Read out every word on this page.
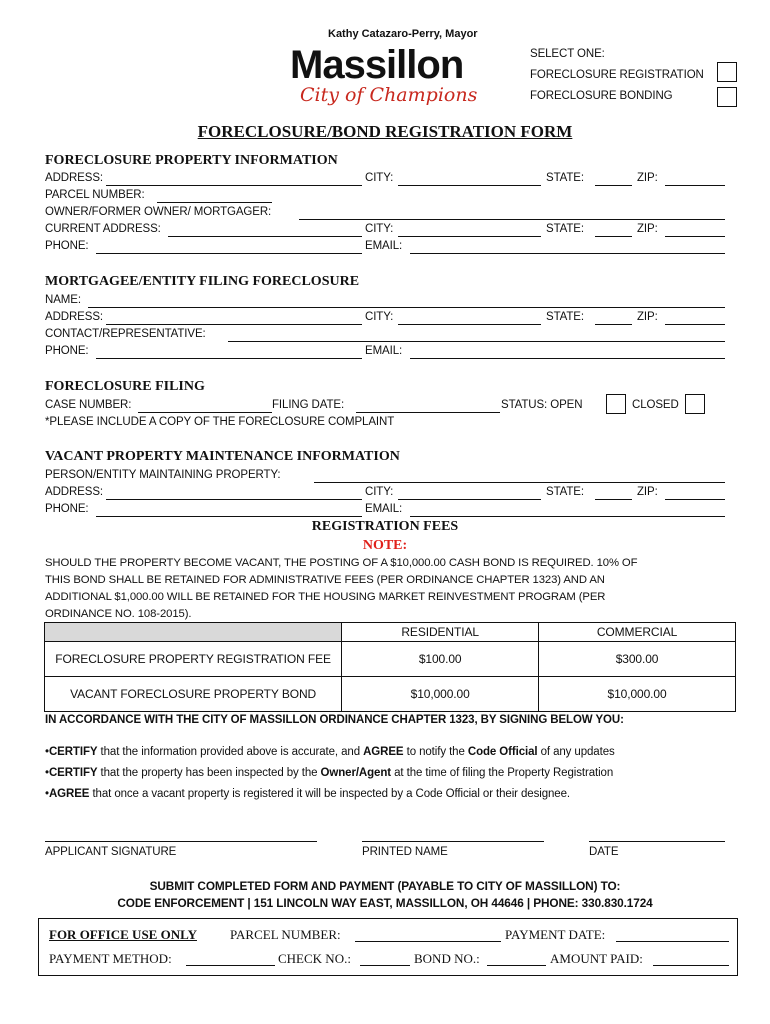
Kathy Catazaro-Perry, Mayor
Massillon
City of Champions
SELECT ONE:
FORECLOSURE REGISTRATION
FORECLOSURE BONDING
FORECLOSURE/BOND REGISTRATION FORM
FORECLOSURE PROPERTY INFORMATION
ADDRESS:	CITY:	STATE:	ZIP:
PARCEL NUMBER:
OWNER/FORMER OWNER/ MORTGAGER:
CURRENT ADDRESS:	CITY:	STATE:	ZIP:
PHONE:	EMAIL:
MORTGAGEE/ENTITY FILING FORECLOSURE
NAME:
ADDRESS:	CITY:	STATE:	ZIP:
CONTACT/REPRESENTATIVE:
PHONE:	EMAIL:
FORECLOSURE FILING
CASE NUMBER:	FILING DATE:	STATUS: OPEN	CLOSED
*PLEASE INCLUDE A COPY OF THE FORECLOSURE COMPLAINT
VACANT PROPERTY MAINTENANCE INFORMATION
PERSON/ENTITY MAINTAINING PROPERTY:
ADDRESS:	CITY:	STATE:	ZIP:
PHONE:	EMAIL:
REGISTRATION FEES
NOTE:
SHOULD THE PROPERTY BECOME VACANT, THE POSTING OF A $10,000.00 CASH BOND IS REQUIRED. 10% OF
THIS BOND SHALL BE RETAINED FOR ADMINISTRATIVE FEES (PER ORDINANCE CHAPTER 1323) AND AN
ADDITIONAL $1,000.00 WILL BE RETAINED FOR THE HOUSING MARKET REINVESTMENT PROGRAM (PER
ORDINANCE NO. 108-2015).
	RESIDENTIAL	COMMERCIAL
FORECLOSURE PROPERTY REGISTRATION FEE	$100.00	$300.00
VACANT FORECLOSURE PROPERTY BOND	$10,000.00	$10,000.00
IN ACCORDANCE WITH THE CITY OF MASSILLON ORDINANCE CHAPTER 1323, BY SIGNING BELOW YOU:
•CERTIFY that the information provided above is accurate, and AGREE to notify the Code Official of any updates
•CERTIFY that the property has been inspected by the Owner/Agent at the time of filing the Property Registration
•AGREE that once a vacant property is registered it will be inspected by a Code Official or their designee.
APPLICANT SIGNATURE	PRINTED NAME	DATE
SUBMIT COMPLETED FORM AND PAYMENT (PAYABLE TO CITY OF MASSILLON) TO:
CODE ENFORCEMENT | 151 LINCOLN WAY EAST, MASSILLON, OH 44646 | PHONE: 330.830.1724
FOR OFFICE USE ONLY	PARCEL NUMBER:	PAYMENT DATE:
PAYMENT METHOD:	CHECK NO.:	BOND NO.:	AMOUNT PAID:
